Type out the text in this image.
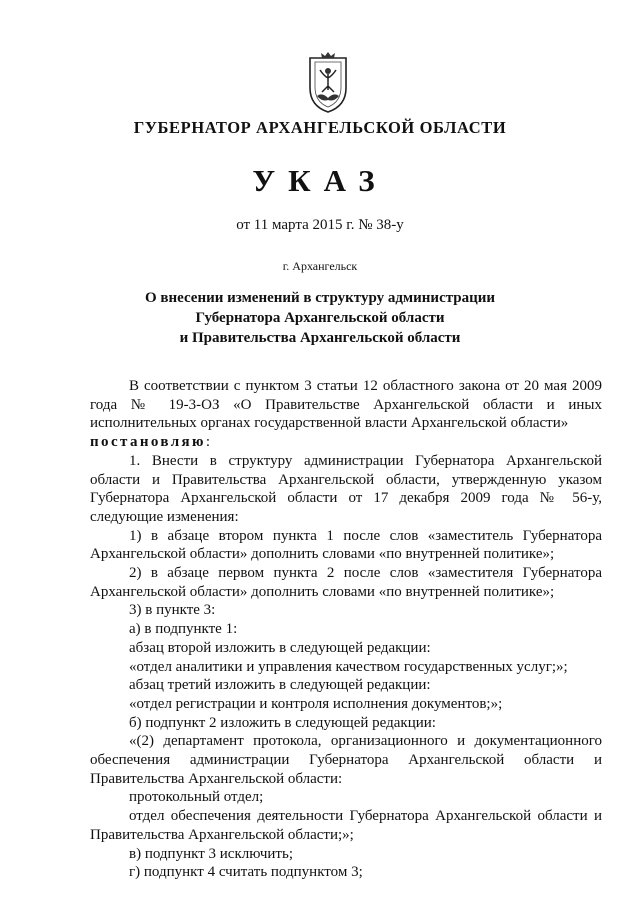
ГУБЕРНАТОР АРХАНГЕЛЬСКОЙ ОБЛАСТИ
УКАЗ
от 11 марта 2015 г. № 38-у
г. Архангельск
О внесении изменений в структуру администрации
Губернатора Архангельской области
и Правительства Архангельской области

В соответствии с пунктом 3 статьи 12 областного закона от 20 мая 2009 года № 19-3-ОЗ «О Правительстве Архангельской области и иных исполнительных органах государственной власти Архангельской области»

постановляю:

1. Внести в структуру администрации Губернатора Архангельской области и Правительства Архангельской области, утвержденную указом Губернатора Архангельской области от 17 декабря 2009 года № 56-у, следующие изменения:

1) в абзаце втором пункта 1 после слов «заместитель Губернатора Архангельской области» дополнить словами «по внутренней политике»;

2) в абзаце первом пункта 2 после слов «заместителя Губернатора Архангельской области» дополнить словами «по внутренней политике»;

3) в пункте 3:

а) в подпункте 1:

абзац второй изложить в следующей редакции:

«отдел аналитики и управления качеством государственных услуг;»;

абзац третий изложить в следующей редакции:

«отдел регистрации и контроля исполнения документов;»;

б) подпункт 2 изложить в следующей редакции:

«(2) департамент протокола, организационного и документационного обеспечения администрации Губернатора Архангельской области и Правительства Архангельской области:

протокольный отдел;

отдел обеспечения деятельности Губернатора Архангельской области и Правительства Архангельской области;»;

в) подпункт 3 исключить;

г) подпункт 4 считать подпунктом 3;
